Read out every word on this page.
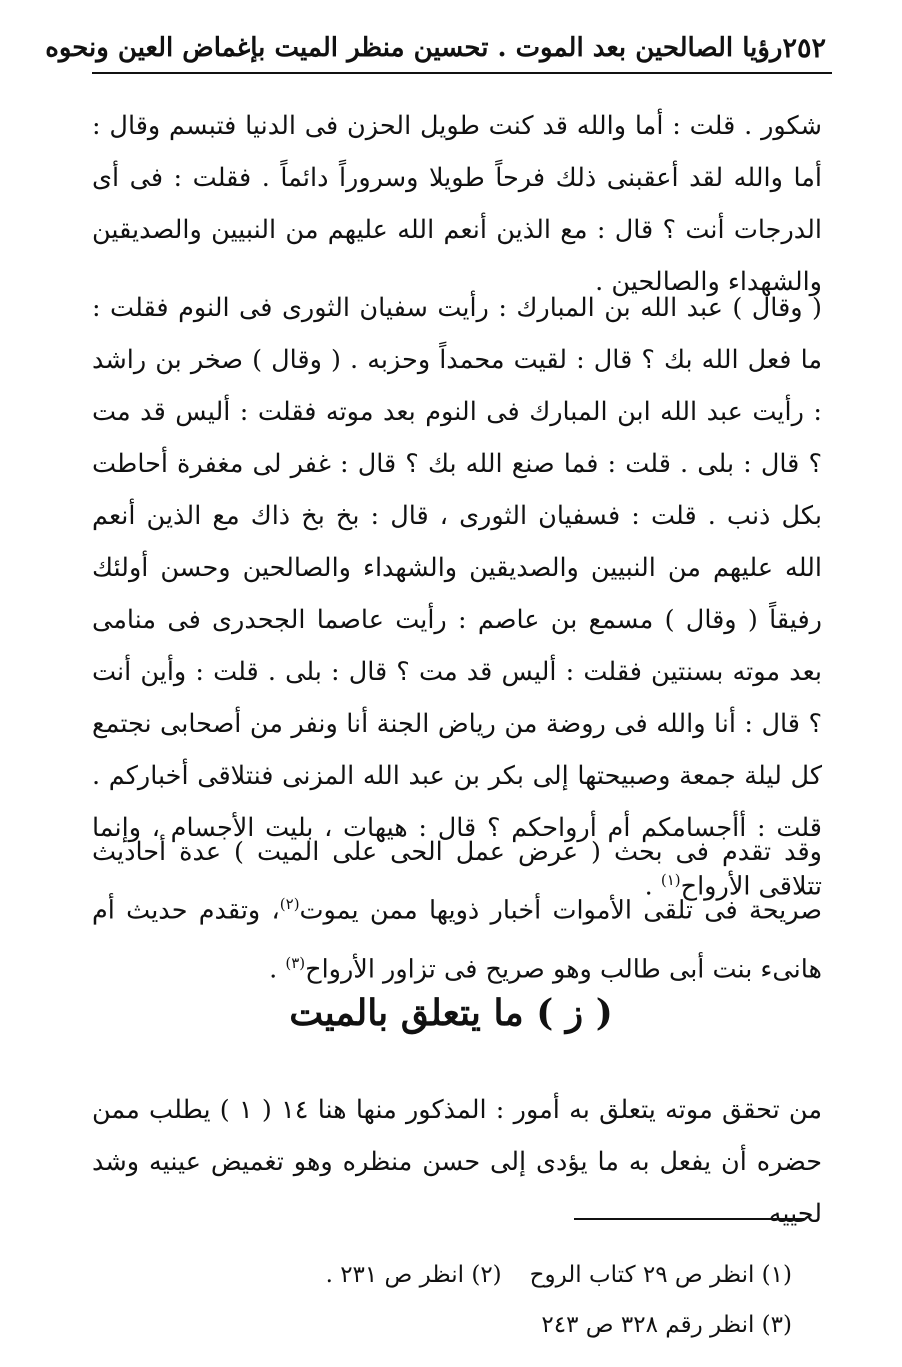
٢٥٢
رؤيا الصالحين بعد الموت . تحسين منظر الميت بإغماض العين ونحوه

شكور . قلت : أما والله قد كنت طويل الحزن فى الدنيا فتبسم وقال : أما والله لقد أعقبنى ذلك فرحاً طويلا وسروراً دائماً . فقلت : فى أى الدرجات أنت ؟ قال : مع الذين أنعم الله عليهم من النبيين والصديقين والشهداء والصالحين .

( وقال ) عبد الله بن المبارك : رأيت سفيان الثورى فى النوم فقلت : ما فعل الله بك ؟ قال : لقيت محمداً وحزبه . ( وقال ) صخر بن راشد : رأيت عبد الله ابن المبارك فى النوم بعد موته فقلت : أليس قد مت ؟ قال : بلى . قلت : فما صنع الله بك ؟ قال : غفر لى مغفرة أحاطت بكل ذنب . قلت : فسفيان الثورى ، قال : بخ بخ ذاك مع الذين أنعم الله عليهم من النبيين والصديقين والشهداء والصالحين وحسن أولئك رفيقاً ( وقال ) مسمع بن عاصم : رأيت عاصما الجحدرى فى منامى بعد موته بسنتين فقلت : أليس قد مت ؟ قال : بلى . قلت : وأين أنت ؟ قال : أنا والله فى روضة من رياض الجنة أنا ونفر من أصحابى نجتمع كل ليلة جمعة وصبيحتها إلى بكر بن عبد الله المزنى فنتلاقى أخباركم . قلت : أأجسامكم أم أرواحكم ؟ قال : هيهات ، بليت الأجسام ، وإنما تتلاقى الأرواح$^{(١)}$ .

وقد تقدم فى بحث ( عرض عمل الحى على الميت ) عدة أحاديث صريحة فى تلقى الأموات أخبار ذويها ممن يموت$^{(٢)}$، وتقدم حديث أم هانىء بنت أبى طالب وهو صريح فى تزاور الأرواح$^{(٣)}$ .

( ز ) ما يتعلق بالميت

من تحقق موته يتعلق به أمور : المذكور منها هنا ١٤ ( ١ ) يطلب ممن حضره أن يفعل به ما يؤدى إلى حسن منظره وهو تغميض عينيه وشد لحييه

(١) انظر ص ٢٩ كتاب الروح(٢) انظر ص ٢٣١ .
(٣) انظر رقم ٣٢٨ ص ٢٤٣
